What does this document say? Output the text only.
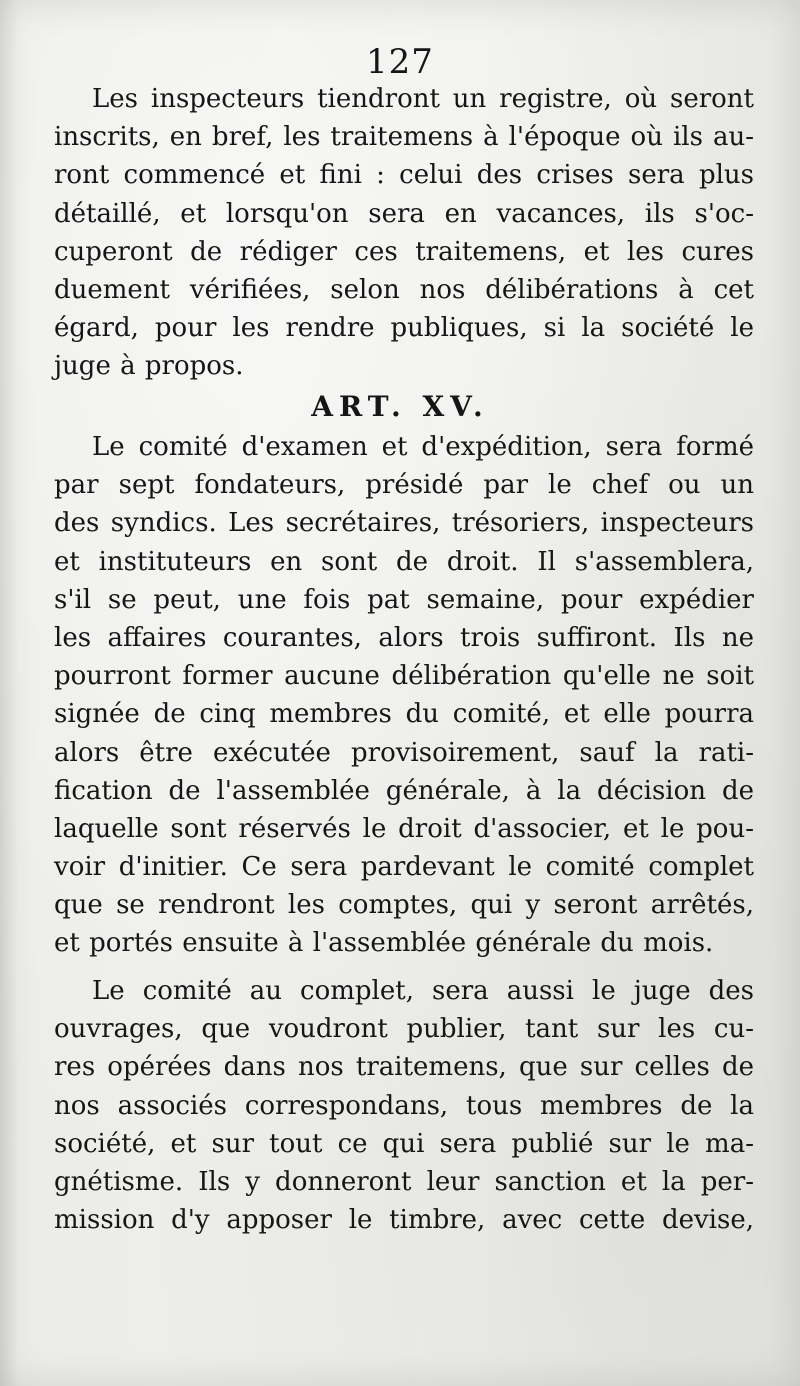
127
Les inspecteurs tiendront un registre, où seront
inscrits, en bref, les traitemens à l'époque où ils au-
ront commencé et fini : celui des crises sera plus
détaillé, et lorsqu'on sera en vacances, ils s'oc-
cuperont de rédiger ces traitemens, et les cures
duement vérifiées, selon nos délibérations à cet
égard, pour les rendre publiques, si la société le
juge à propos.
ART. XV.
Le comité d'examen et d'expédition, sera formé
par sept fondateurs, présidé par le chef ou un
des syndics. Les secrétaires, trésoriers, inspecteurs
et instituteurs en sont de droit. Il s'assemblera,
s'il se peut, une fois pat semaine, pour expédier
les affaires courantes, alors trois suffiront. Ils ne
pourront former aucune délibération qu'elle ne soit
signée de cinq membres du comité, et elle pourra
alors être exécutée provisoirement, sauf la rati-
fication de l'assemblée générale, à la décision de
laquelle sont réservés le droit d'associer, et le pou-
voir d'initier. Ce sera pardevant le comité complet
que se rendront les comptes, qui y seront arrêtés,
et portés ensuite à l'assemblée générale du mois.
Le comité au complet, sera aussi le juge des
ouvrages, que voudront publier, tant sur les cu-
res opérées dans nos traitemens, que sur celles de
nos associés correspondans, tous membres de la
société, et sur tout ce qui sera publié sur le ma-
gnétisme. Ils y donneront leur sanction et la per-
mission d'y apposer le timbre, avec cette devise,
